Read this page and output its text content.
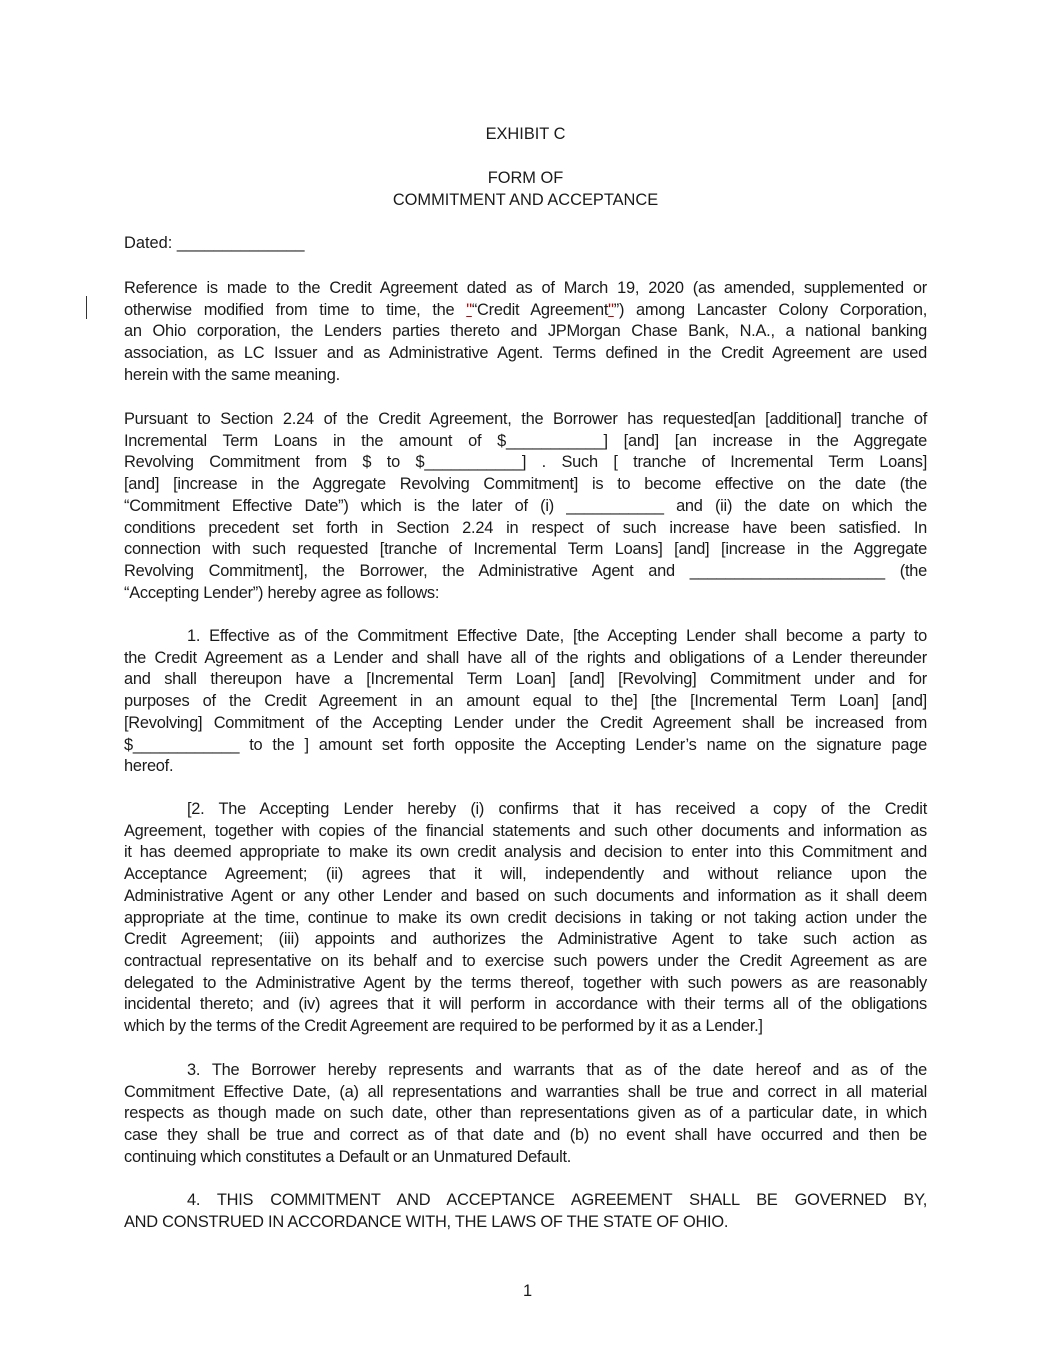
EXHIBIT C
FORM OF
COMMITMENT AND ACCEPTANCE
Dated: ______________
Reference is made to the Credit Agreement dated as of March 19, 2020 (as amended, supplemented or
otherwise modified from time to time, the "“Credit Agreement"”) among Lancaster Colony Corporation,
an Ohio corporation, the Lenders parties thereto and JPMorgan Chase Bank, N.A., a national banking
association, as LC Issuer and as Administrative Agent. Terms defined in the Credit Agreement are used
herein with the same meaning.
Pursuant to Section 2.24 of the Credit Agreement, the Borrower has requested[an [additional] tranche of
Incremental Term Loans in the amount of $___________] [and] [an increase in the Aggregate
Revolving Commitment from $ to $___________] . Such [ tranche of Incremental Term Loans]
[and] [increase in the Aggregate Revolving Commitment] is to become effective on the date (the
“Commitment Effective Date”) which is the later of (i) ___________ and (ii) the date on which the
conditions precedent set forth in Section 2.24 in respect of such increase have been satisfied. In
connection with such requested [tranche of Incremental Term Loans] [and] [increase in the Aggregate
Revolving Commitment], the Borrower, the Administrative Agent and ______________________ (the
“Accepting Lender”) hereby agree as follows:
1. Effective as of the Commitment Effective Date, [the Accepting Lender shall become a party to
the Credit Agreement as a Lender and shall have all of the rights and obligations of a Lender thereunder
and shall thereupon have a [Incremental Term Loan] [and] [Revolving] Commitment under and for
purposes of the Credit Agreement in an amount equal to the] [the [Incremental Term Loan] [and]
[Revolving] Commitment of the Accepting Lender under the Credit Agreement shall be increased from
$____________ to the ] amount set forth opposite the Accepting Lender’s name on the signature page
hereof.
[2. The Accepting Lender hereby (i) confirms that it has received a copy of the Credit
Agreement, together with copies of the financial statements and such other documents and information as
it has deemed appropriate to make its own credit analysis and decision to enter into this Commitment and
Acceptance Agreement; (ii) agrees that it will, independently and without reliance upon the
Administrative Agent or any other Lender and based on such documents and information as it shall deem
appropriate at the time, continue to make its own credit decisions in taking or not taking action under the
Credit Agreement; (iii) appoints and authorizes the Administrative Agent to take such action as
contractual representative on its behalf and to exercise such powers under the Credit Agreement as are
delegated to the Administrative Agent by the terms thereof, together with such powers as are reasonably
incidental thereto; and (iv) agrees that it will perform in accordance with their terms all of the obligations
which by the terms of the Credit Agreement are required to be performed by it as a Lender.]
3. The Borrower hereby represents and warrants that as of the date hereof and as of the
Commitment Effective Date, (a) all representations and warranties shall be true and correct in all material
respects as though made on such date, other than representations given as of a particular date, in which
case they shall be true and correct as of that date and (b) no event shall have occurred and then be
continuing which constitutes a Default or an Unmatured Default.
4. THIS COMMITMENT AND ACCEPTANCE AGREEMENT SHALL BE GOVERNED BY,
AND CONSTRUED IN ACCORDANCE WITH, THE LAWS OF THE STATE OF OHIO.
1
